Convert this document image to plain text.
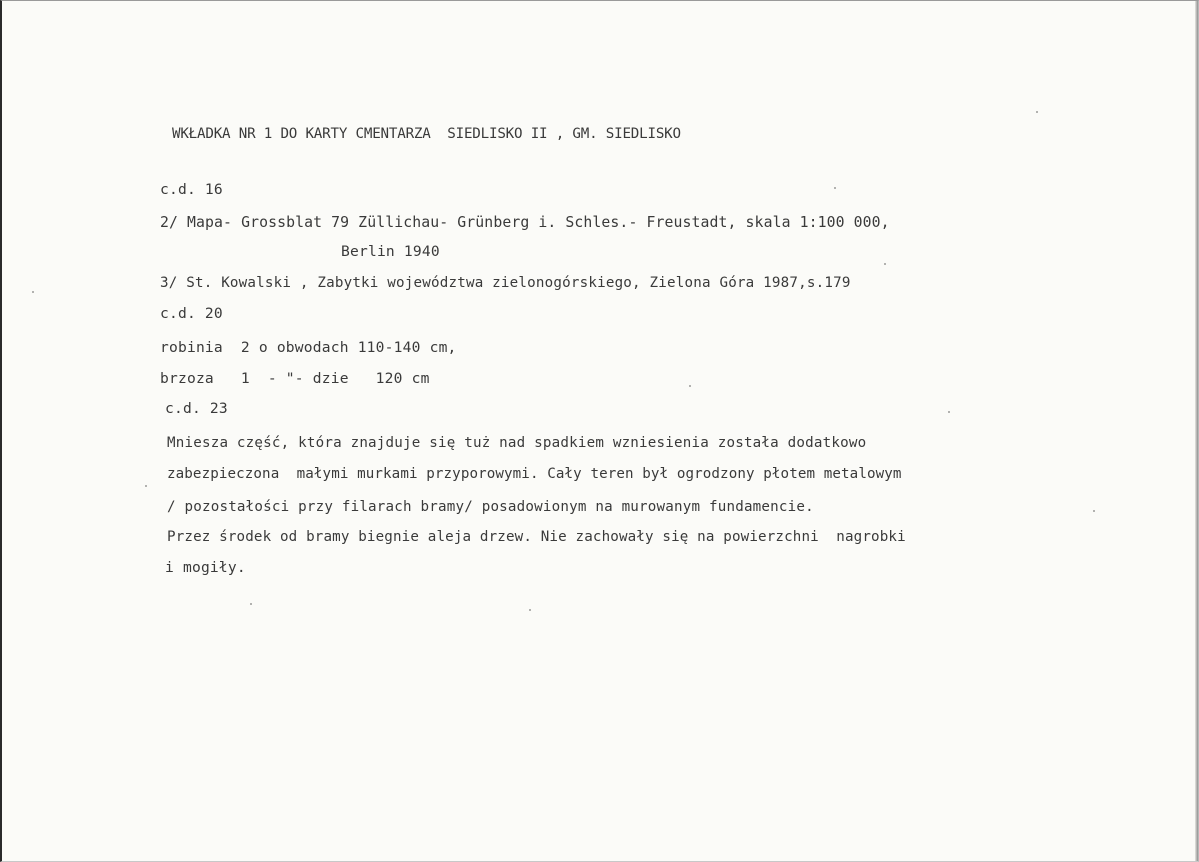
WKŁADKA NR 1 DO KARTY CMENTARZA  SIEDLISKO II , GM. SIEDLISKO

c.d. 16

2/ Mapa- Grossblat 79 Züllichau- Grünberg i. Schles.- Freustadt, skala 1:100 000,

Berlin 1940

3/ St. Kowalski , Zabytki województwa zielonogórskiego, Zielona Góra 1987,s.179

c.d. 20

robinia  2 o obwodach 110-140 cm,

brzoza   1  - "- dzie   120 cm

c.d. 23

Mniesza część, która znajduje się tuż nad spadkiem wzniesienia została dodatkowo

zabezpieczona  małymi murkami przyporowymi. Cały teren był ogrodzony płotem metalowym

/ pozostałości przy filarach bramy/ posadowionym na murowanym fundamencie.

Przez środek od bramy biegnie aleja drzew. Nie zachowały się na powierzchni  nagrobki

i mogiły.
